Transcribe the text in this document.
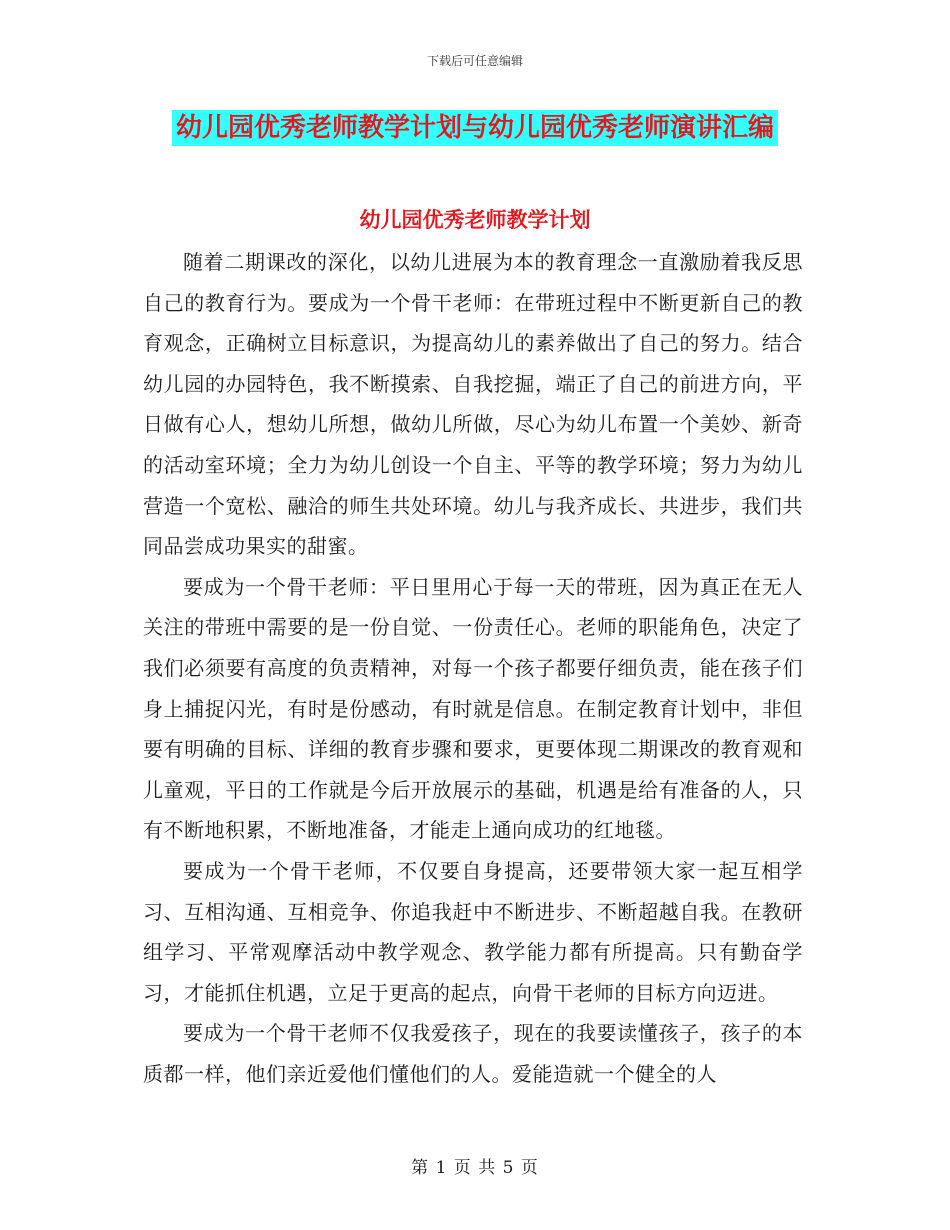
下载后可任意编辑
幼儿园优秀老师教学计划与幼儿园优秀老师演讲汇编
幼儿园优秀老师教学计划

随着二期课改的深化，以幼儿进展为本的教育理念一直激励着我反思自己的教育行为。要成为一个骨干老师：在带班过程中不断更新自己的教育观念，正确树立目标意识，为提高幼儿的素养做出了自己的努力。结合幼儿园的办园特色，我不断摸索、自我挖掘，端正了自己的前进方向，平日做有心人，想幼儿所想，做幼儿所做，尽心为幼儿布置一个美妙、新奇的活动室环境；全力为幼儿创设一个自主、平等的教学环境；努力为幼儿营造一个宽松、融洽的师生共处环境。幼儿与我齐成长、共进步，我们共同品尝成功果实的甜蜜。

要成为一个骨干老师：平日里用心于每一天的带班，因为真正在无人关注的带班中需要的是一份自觉、一份责任心。老师的职能角色，决定了我们必须要有高度的负责精神，对每一个孩子都要仔细负责，能在孩子们身上捕捉闪光，有时是份感动，有时就是信息。在制定教育计划中，非但要有明确的目标、详细的教育步骤和要求，更要体现二期课改的教育观和儿童观，平日的工作就是今后开放展示的基础，机遇是给有准备的人，只有不断地积累，不断地准备，才能走上通向成功的红地毯。

要成为一个骨干老师，不仅要自身提高，还要带领大家一起互相学习、互相沟通、互相竞争、你追我赶中不断进步、不断超越自我。在教研组学习、平常观摩活动中教学观念、教学能力都有所提高。只有勤奋学习，才能抓住机遇，立足于更高的起点，向骨干老师的目标方向迈进。

要成为一个骨干老师不仅我爱孩子，现在的我要读懂孩子，孩子的本质都一样，他们亲近爱他们懂他们的人。爱能造就一个健全的人

第 1 页 共 5 页
